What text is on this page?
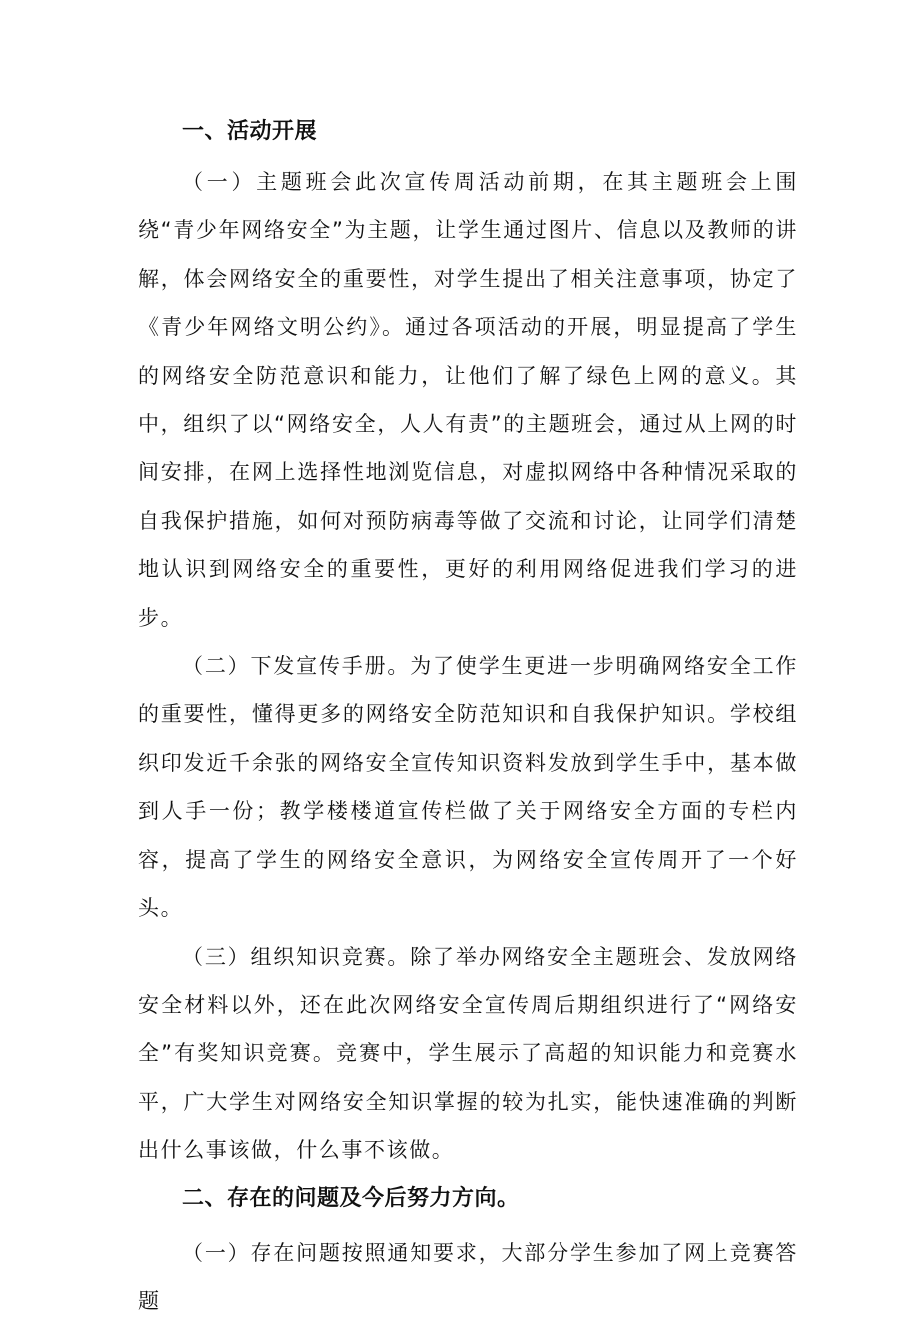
一、活动开展

（一）主题班会此次宣传周活动前期，在其主题班会上围绕“青少年网络安全”为主题，让学生通过图片、信息以及教师的讲解，体会网络安全的重要性，对学生提出了相关注意事项，协定了《青少年网络文明公约》。通过各项活动的开展，明显提高了学生的网络安全防范意识和能力，让他们了解了绿色上网的意义。其中，组织了以“网络安全，人人有责”的主题班会，通过从上网的时间安排，在网上选择性地浏览信息，对虚拟网络中各种情况采取的自我保护措施，如何对预防病毒等做了交流和讨论，让同学们清楚地认识到网络安全的重要性，更好的利用网络促进我们学习的进步。

（二）下发宣传手册。为了使学生更进一步明确网络安全工作的重要性，懂得更多的网络安全防范知识和自我保护知识。学校组织印发近千余张的网络安全宣传知识资料发放到学生手中，基本做到人手一份；教学楼楼道宣传栏做了关于网络安全方面的专栏内容，提高了学生的网络安全意识，为网络安全宣传周开了一个好头。

（三）组织知识竞赛。除了举办网络安全主题班会、发放网络安全材料以外，还在此次网络安全宣传周后期组织进行了“网络安全”有奖知识竞赛。竞赛中，学生展示了高超的知识能力和竞赛水平，广大学生对网络安全知识掌握的较为扎实，能快速准确的判断出什么事该做，什么事不该做。

二、存在的问题及今后努力方向。

（一）存在问题按照通知要求，大部分学生参加了网上竞赛答题
